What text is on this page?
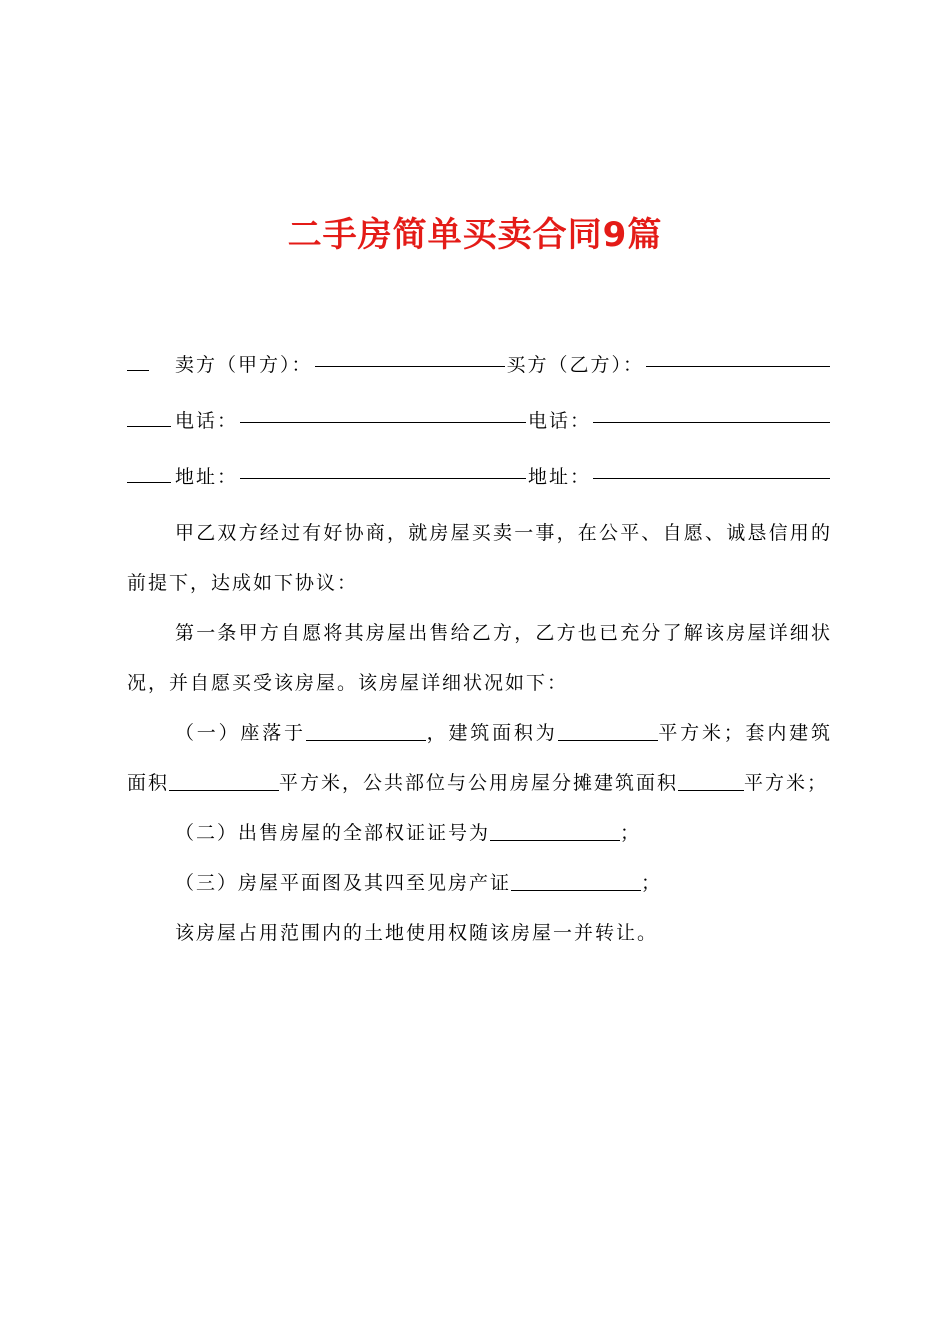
二手房简单买卖合同9篇
卖方（甲方）：	买方（乙方）：
电话：	电话：
地址：	地址：

甲乙双方经过有好协商，就房屋买卖一事，在公平、自愿、诚恳信用的前提下，达成如下协议：

第一条甲方自愿将其房屋出售给乙方，乙方也已充分了解该房屋详细状况，并自愿买受该房屋。该房屋详细状况如下：

（一）座落于	，建筑面积为	平方米；套内建筑面积	平方米，公共部位与公用房屋分摊建筑面积	平方米；

（二）出售房屋的全部权证证号为	；

（三）房屋平面图及其四至见房产证	；

该房屋占用范围内的土地使用权随该房屋一并转让。
